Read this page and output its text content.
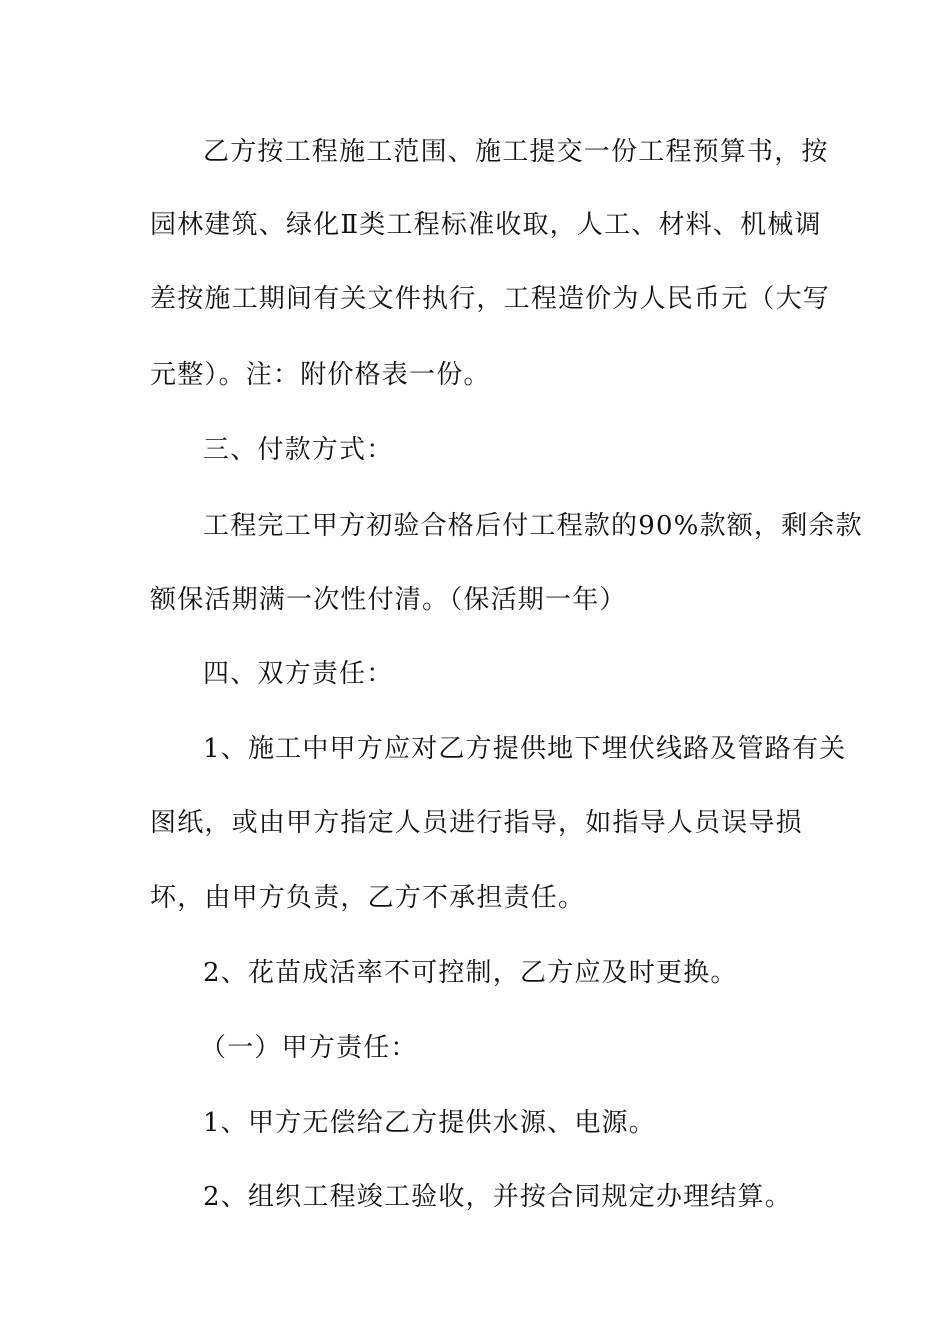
乙方按工程施工范围、施工提交一份工程预算书，按
园林建筑、绿化Ⅱ类工程标准收取，人工、材料、机械调
差按施工期间有关文件执行，工程造价为人民币元（大写
元整）。注：附价格表一份。
三、付款方式：
工程完工甲方初验合格后付工程款的90%款额，剩余款
额保活期满一次性付清。（保活期一年）
四、双方责任：
1、施工中甲方应对乙方提供地下埋伏线路及管路有关
图纸，或由甲方指定人员进行指导，如指导人员误导损
坏，由甲方负责，乙方不承担责任。
2、花苗成活率不可控制，乙方应及时更换。
（一）甲方责任：
1、甲方无偿给乙方提供水源、电源。
2、组织工程竣工验收，并按合同规定办理结算。
